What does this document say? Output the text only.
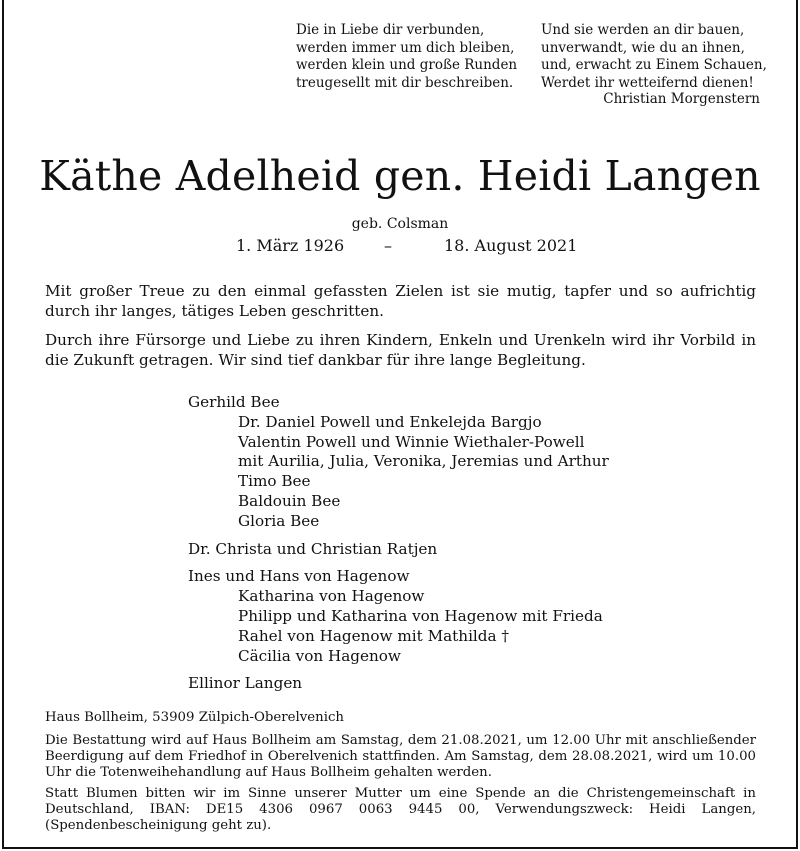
Die in Liebe dir verbunden,
werden immer um dich bleiben,
werden klein und große Runden
treugesellt mit dir beschreiben.
Und sie werden an dir bauen,
unverwandt, wie du an ihnen,
und, erwacht zu Einem Schauen,
Werdet ihr wetteifernd dienen!
Christian Morgenstern
Käthe Adelheid gen. Heidi Langen
geb. Colsman
1. März 1926 –	18. August 2021
Mit großer Treue zu den einmal gefassten Zielen ist sie mutig, tapfer und so aufrichtig durch ihr langes, tätiges Leben geschritten.
Durch ihre Fürsorge und Liebe zu ihren Kindern, Enkeln und Urenkeln wird ihr Vorbild in die Zukunft getragen. Wir sind tief dankbar für ihre lange Begleitung.
Gerhild Bee
Dr. Daniel Powell und Enkelejda Bargjo
Valentin Powell und Winnie Wiethaler-Powell
mit Aurilia, Julia, Veronika, Jeremias und Arthur
Timo Bee
Baldouin Bee
Gloria Bee
Dr. Christa und Christian Ratjen
Ines und Hans von Hagenow
Katharina von Hagenow
Philipp und Katharina von Hagenow mit Frieda
Rahel von Hagenow mit Mathilda †
Cäcilia von Hagenow
Ellinor Langen
Haus Bollheim, 53909 Zülpich-Oberelvenich
Die Bestattung wird auf Haus Bollheim am Samstag, dem 21.08.2021, um 12.00 Uhr mit anschließender Beerdigung auf dem Friedhof in Oberelvenich stattfinden. Am Samstag, dem 28.08.2021, wird um 10.00 Uhr die Totenweihehandlung auf Haus Bollheim gehalten werden.
Statt Blumen bitten wir im Sinne unserer Mutter um eine Spende an die Christengemeinschaft in Deutschland, IBAN: DE15 4306 0967 0063 9445 00, Verwendungszweck: Heidi Langen, (Spendenbescheinigung geht zu).
